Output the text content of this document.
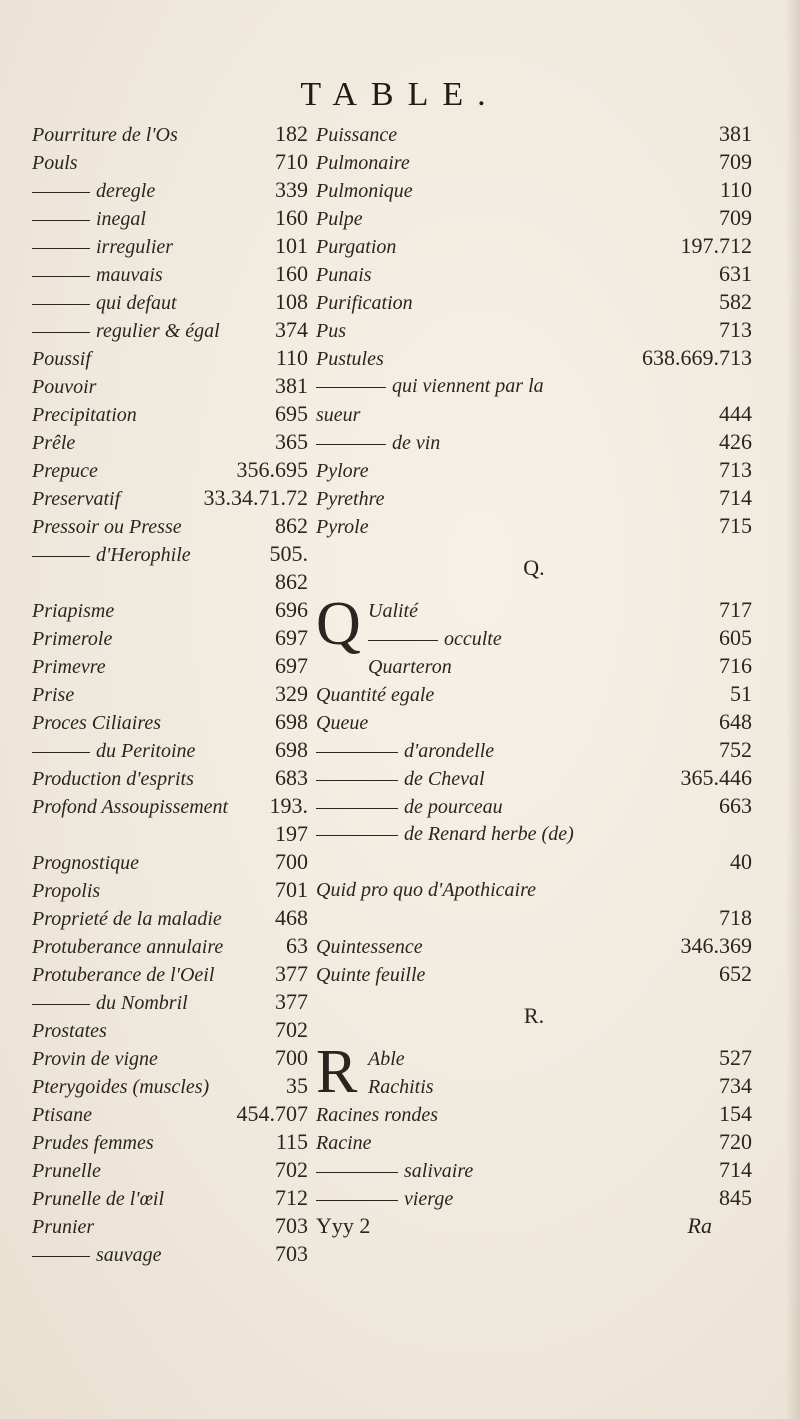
TABLE.
Pourriture de l'Os	182
Pouls	710
deregle	339
inegal	160
irregulier	101
mauvais	160
qui defaut	108
regulier & égal	374
Poussif	110
Pouvoir	381
Precipitation	695
Prêle	365
Prepuce	356.695
Preservatif	33.34.71.72
Pressoir ou Presse	862
d'Herophile	505.
862
Priapisme	696
Primerole	697
Primevre	697
Prise	329
Proces Ciliaires	698
du Peritoine	698
Production d'esprits	683
Profond Assoupissement 193.
197
Prognostique	700
Propolis	701
Proprieté de la maladie 468
Protuberance annulaire	63
Protuberance de l'Oeil	377
du Nombril	377
Prostates	702
Provin de vigne	700
Pterygoides (muscles)	35
Ptisane	454.707
Prudes femmes	115
Prunelle	702
Prunelle de l'œil	712
Prunier	703
sauvage	703
Puissance	381
Pulmonaire	709
Pulmonique	110
Pulpe	709
Purgation	197.712
Punais	631
Purification	582
Pus	713
Pustules	638.669.713
qui viennent par la
sueur	444
de vin	426
Pylore	713
Pyrethre	714
Pyrole	715
Q.
Q Ualité	717
occulte	605
Quarteron	716
Quantité egale	51
Queue	648
d'arondelle	752
de Cheval	365.446
de pourceau	663
de Renard herbe (de)
40
Quid pro quo d'Apothicaire
718
Quintessence	346.369
Quinte feuille	652
R.
R Able	527
Rachitis	734
Racines rondes	154
Racine	720
salivaire	714
vierge	845
Yyy 2	Ra
